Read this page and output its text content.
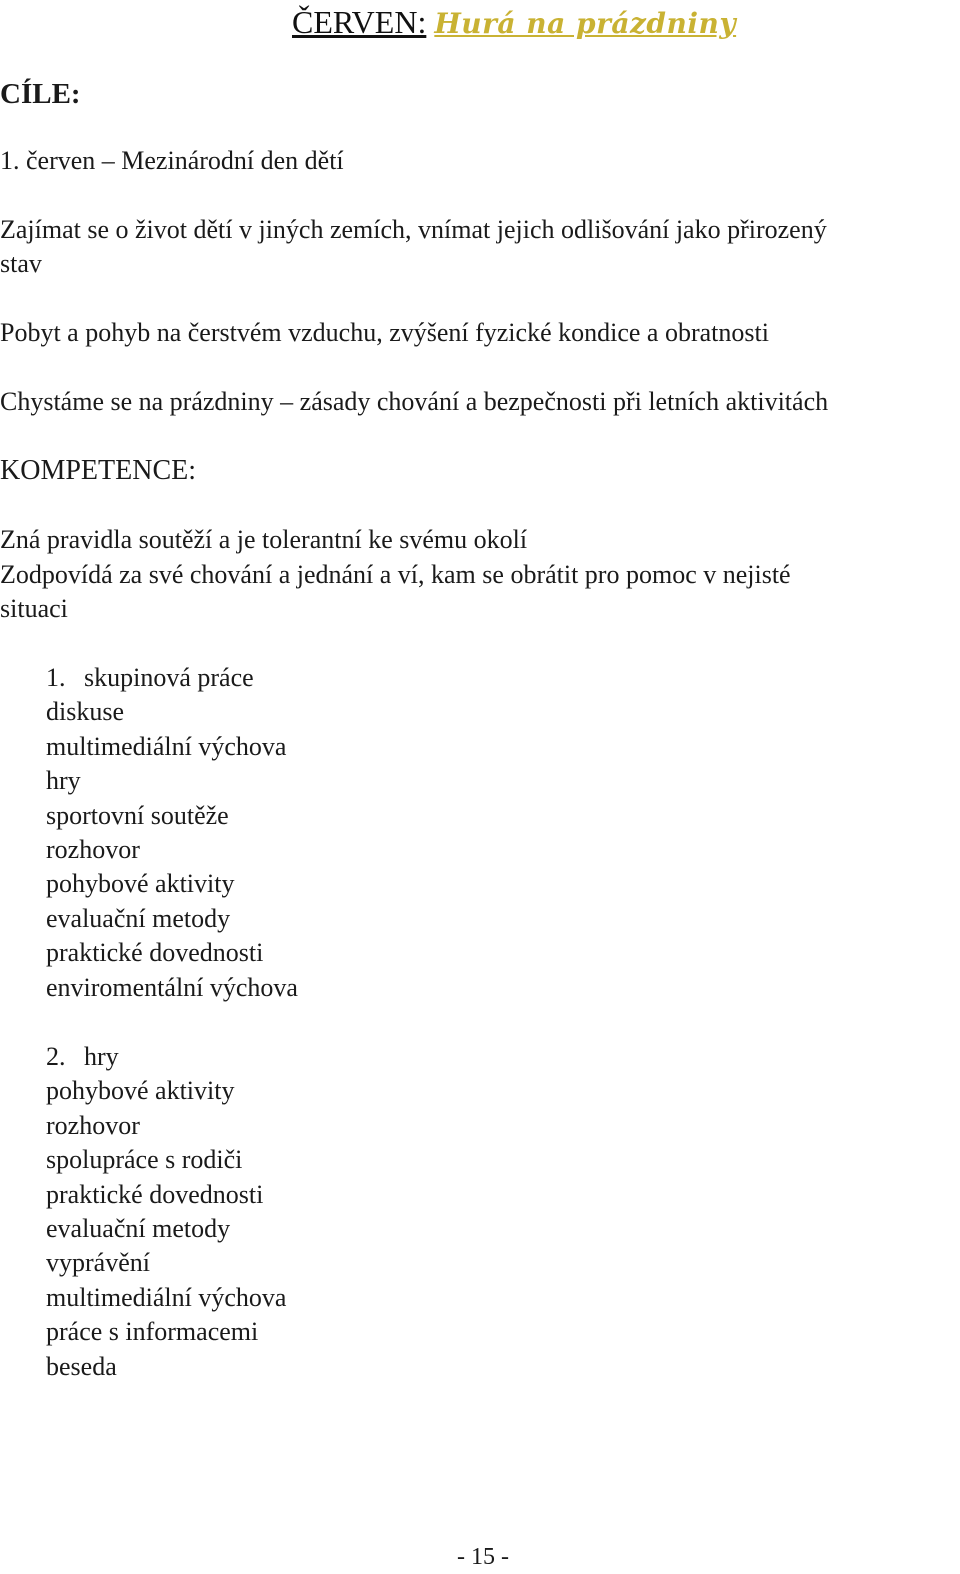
ČERVEN: Hurá na prázdniny
CÍLE:
1. červen – Mezinárodní den dětí
Zajímat se o život dětí v jiných zemích, vnímat jejich odlišování jako přirozený
stav
Pobyt a pohyb na čerstvém vzduchu, zvýšení fyzické kondice a obratnosti
Chystáme se na prázdniny – zásady chování a bezpečnosti při letních aktivitách
KOMPETENCE:
Zná pravidla soutěží a je tolerantní ke svému okolí
Zodpovídá za své chování a jednání a ví, kam se obrátit pro pomoc v nejisté
situaci
1. skupinová práce
diskuse
multimediální výchova
hry
sportovní soutěže
rozhovor
pohybové aktivity
evaluační metody
praktické dovednosti
enviromentální výchova
2. hry
pohybové aktivity
rozhovor
spolupráce s rodiči
praktické dovednosti
evaluační metody
vyprávění
multimediální výchova
práce s informacemi
beseda
- 15 -
